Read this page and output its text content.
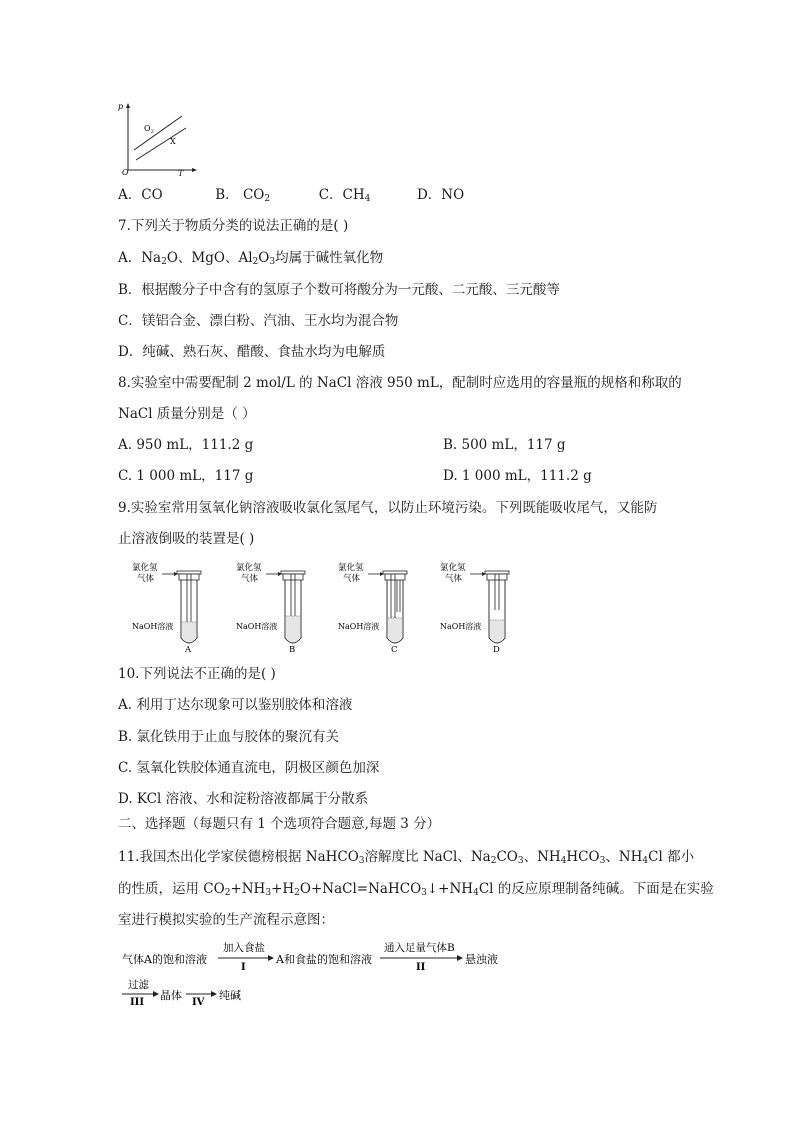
p
O	T
$O_2$
X
A．CO	B． $CO_2$	C．$CH_4$	D．NO
7.下列关于物质分类的说法正确的是( )
A．$Na_2O$、MgO、$Al_2O_3$均属于碱性氧化物
B．根据酸分子中含有的氢原子个数可将酸分为一元酸、二元酸、三元酸等
C．镁铝合金、漂白粉、汽油、王水均为混合物
D．纯碱、熟石灰、醋酸、食盐水均为电解质
8.实验室中需要配制 2 mol/L 的 NaCl 溶液 950 mL，配制时应选用的容量瓶的规格和称取的
NaCl 质量分别是（ ）
A. 950 mL，111.2 g	B. 500 mL，117 g
C. 1 000 mL，117 g	D. 1 000 mL，111.2 g
9.实验室常用氢氧化钠溶液吸收氯化氢尾气，以防止环境污染。下列既能吸收尾气，又能防
止溶液倒吸的装置是( )
氯化氢
气体
NaOH溶液
A
氯化氢
气体
NaOH溶液
B
氯化氢
气体
NaOH溶液
C
氯化氢
气体
NaOH溶液
D
10.下列说法不正确的是( )
A. 利用丁达尔现象可以鉴别胶体和溶液
B. 氯化铁用于止血与胶体的聚沉有关
C. 氢氧化铁胶体通直流电，阴极区颜色加深
D. KCl 溶液、水和淀粉溶液都属于分散系
二、选择题（每题只有 1 个选项符合题意,每题 3 分）
11.我国杰出化学家侯德榜根据 NaHCO$_3$溶解度比 NaCl、$Na_2CO_3$、$NH_4HCO_3$、$NH_4Cl$ 都小
的性质，运用 $CO_2+NH_3+H_2O+NaCl=NaHCO_3↓+NH_4Cl$ 的反应原理制备纯碱。下面是在实验
室进行模拟实验的生产流程示意图：
气体A的饱和溶液
加入食盐
I
A和食盐的饱和溶液
通入足量气体B
II
悬浊液
过滤
III
晶体
IV
纯碱
